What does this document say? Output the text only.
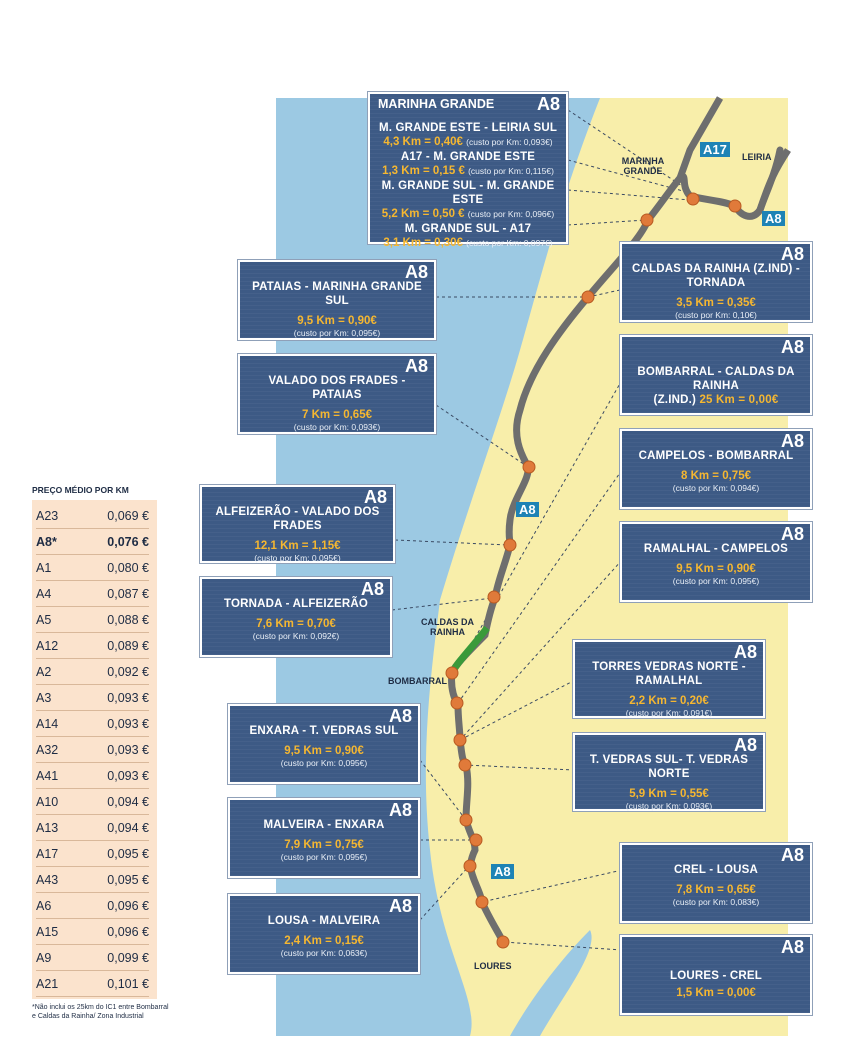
MARINHA GRANDE
LEIRIA
CALDAS DA RAINHA
BOMBARRAL
LOURES
A17
A8
A8
A8
MARINHA GRANDE A8
M. GRANDE ESTE - LEIRIA SUL
4,3 Km = 0,40€ (custo por Km: 0,093€)
A17 - M. GRANDE ESTE
1,3 Km = 0,15 € (custo por Km: 0,115€)
M. GRANDE SUL - M. GRANDE ESTE
5,2 Km = 0,50 € (custo por Km: 0,096€)
M. GRANDE SUL - A17
3,1 Km = 0,30€ (custo por Km: 0,097€)
A8
PATAIAS - MARINHA GRANDE SUL
9,5 Km = 0,90€
(custo por Km: 0,095€)
A8
VALADO DOS FRADES - PATAIAS
7 Km = 0,65€
(custo por Km: 0,093€)
A8
ALFEIZERÃO - VALADO DOS FRADES
12,1 Km = 1,15€
(custo por Km: 0,095€)
A8
TORNADA - ALFEIZERÃO
7,6 Km = 0,70€
(custo por Km: 0,092€)
A8
ENXARA - T. VEDRAS SUL
9,5 Km = 0,90€
(custo por Km: 0,095€)
A8
MALVEIRA - ENXARA
7,9 Km = 0,75€
(custo por Km: 0,095€)
A8
LOUSA - MALVEIRA
2,4 Km = 0,15€
(custo por Km: 0,063€)
A8
CALDAS DA RAINHA (Z.IND) - TORNADA
3,5 Km = 0,35€
(custo por Km: 0,10€)
A8
BOMBARRAL - CALDAS DA RAINHA
(Z.IND.) 25 Km = 0,00€
A8
CAMPELOS - BOMBARRAL
8 Km = 0,75€
(custo por Km: 0,094€)
A8
RAMALHAL - CAMPELOS
9,5 Km = 0,90€
(custo por Km: 0,095€)
A8
TORRES VEDRAS NORTE - RAMALHAL
2,2 Km = 0,20€
(custo por Km: 0,091€)
A8
T. VEDRAS SUL- T. VEDRAS NORTE
5,9 Km = 0,55€
(custo por Km: 0,093€)
A8
CREL - LOUSA
7,8 Km = 0,65€
(custo por Km: 0,083€)
A8
LOURES - CREL
1,5 Km = 0,00€
PREÇO MÉDIO POR KM
A23	0,069 €
A8*	0,076 €
A1	0,080 €
A4	0,087 €
A5	0,088 €
A12	0,089 €
A2	0,092 €
A3	0,093 €
A14	0,093 €
A32	0,093 €
A41	0,093 €
A10	0,094 €
A13	0,094 €
A17	0,095 €
A43	0,095 €
A6	0,096 €
A15	0,096 €
A9	0,099 €
A21	0,101 €
*Não inclui os 25km do IC1 entre Bombarral e Caldas da Rainha/ Zona Industrial
